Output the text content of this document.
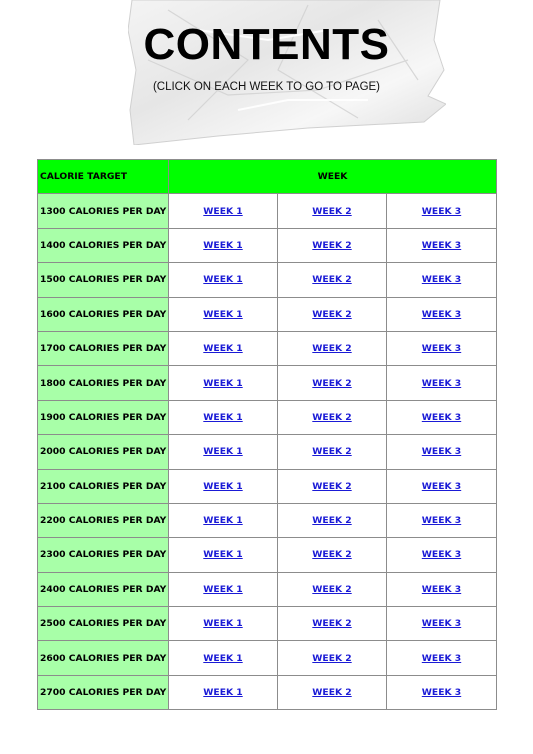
CONTENTS
(CLICK ON EACH WEEK TO GO TO PAGE)
CALORIE TARGET	WEEK		
1300 CALORIES PER DAY	WEEK 1	WEEK 2	WEEK 3
1400 CALORIES PER DAY	WEEK 1	WEEK 2	WEEK 3
1500 CALORIES PER DAY	WEEK 1	WEEK 2	WEEK 3
1600 CALORIES PER DAY	WEEK 1	WEEK 2	WEEK 3
1700 CALORIES PER DAY	WEEK 1	WEEK 2	WEEK 3
1800 CALORIES PER DAY	WEEK 1	WEEK 2	WEEK 3
1900 CALORIES PER DAY	WEEK 1	WEEK 2	WEEK 3
2000 CALORIES PER DAY	WEEK 1	WEEK 2	WEEK 3
2100 CALORIES PER DAY	WEEK 1	WEEK 2	WEEK 3
2200 CALORIES PER DAY	WEEK 1	WEEK 2	WEEK 3
2300 CALORIES PER DAY	WEEK 1	WEEK 2	WEEK 3
2400 CALORIES PER DAY	WEEK 1	WEEK 2	WEEK 3
2500 CALORIES PER DAY	WEEK 1	WEEK 2	WEEK 3
2600 CALORIES PER DAY	WEEK 1	WEEK 2	WEEK 3
2700 CALORIES PER DAY	WEEK 1	WEEK 2	WEEK 3
